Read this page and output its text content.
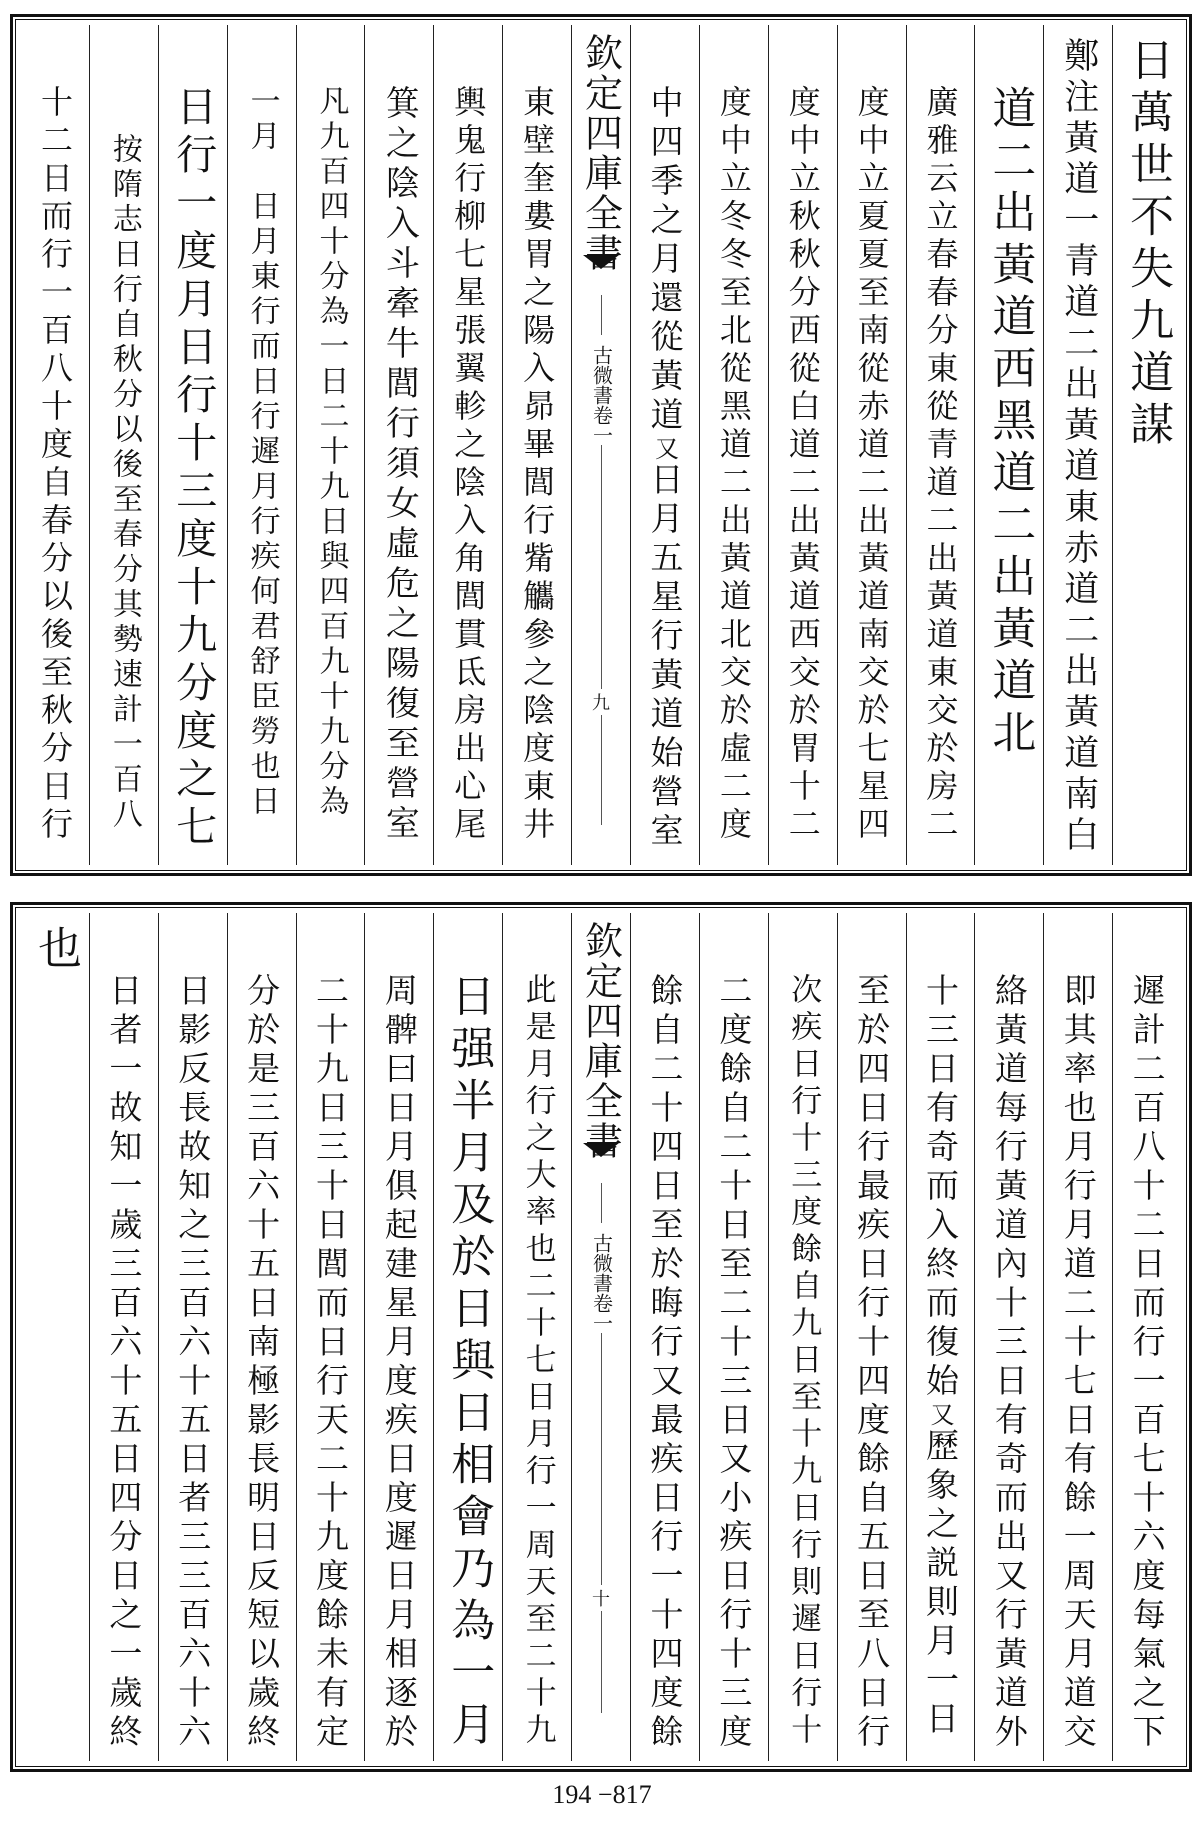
日萬世不失九道謀
鄭注黃道一青道二出黃道東赤道二出黃道南白
道二出黃道西黑道二出黃道北
廣雅云立春春分東從青道二出黃道東交於房二
度中立夏夏至南從赤道二出黃道南交於七星四
度中立秋秋分西從白道二出黃道西交於胃十二
度中立冬冬至北從黑道二出黃道北交於虛二度
中四季之月還從黃道又日月五星行黃道始營室
欽定四庫全書
古微書卷一
九
東壁奎婁胃之陽入昴畢閭行觜觿參之陰度東井
輿鬼行柳七星張翼軫之陰入角閭貫氐房出心尾
箕之陰入斗牽牛閭行須女虛危之陽復至營室
凡九百四十分為一日二十九日與四百九十九分為
一月　日月東行而日行遲月行疾何君舒臣勞也日
日行一度月日行十三度十九分度之七
按隋志日行自秋分以後至春分其勢速計一百八
十二日而行一百八十度自春分以後至秋分日行
遲計二百八十二日而行一百七十六度每氣之下
即其率也月行月道二十七日有餘一周天月道交
絡黃道每行黃道內十三日有奇而出又行黃道外
十三日有奇而入終而復始又歷象之説則月一日
至於四日行最疾日行十四度餘自五日至八日行
次疾日行十三度餘自九日至十九日行則遲日行十
二度餘自二十日至二十三日又小疾日行十三度
餘自二十四日至於晦行又最疾日行一十四度餘
欽定四庫全書
古微書卷一
十
此是月行之大率也二十七日月行一周天至二十九
日强半月及於日與日相會乃為一月
周髀曰日月俱起建星月度疾日度遲日月相逐於
二十九日三十日閭而日行天二十九度餘未有定
分於是三百六十五日南極影長明日反短以歲終
日影反長故知之三百六十五日者三三百六十六
日者一故知一歲三百六十五日四分日之一歲終
也
194 −817
